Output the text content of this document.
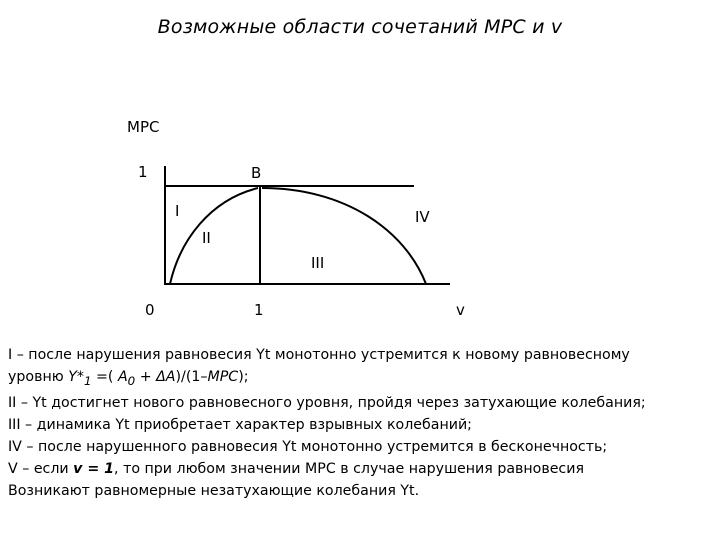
Возможные области сочетаний MPC и v
MPC
1	B
I
II
III
IV
0	1	v
I – после нарушения равновесия Yt монотонно устремится к новому равновесному
уровню $Y*_1$ =( $A_0 + \Delta A)/(1-MPC)$;
II – Yt достигнет нового равновесного уровня, пройдя через затухающие колебания;
III – динамика Yt приобретает характер взрывных колебаний;
IV – после нарушенного равновесия Yt монотонно устремится в бесконечность;
V – если v = 1, то при любом значении MPC в случае нарушения равновесия
Возникают равномерные незатухающие колебания Yt.
